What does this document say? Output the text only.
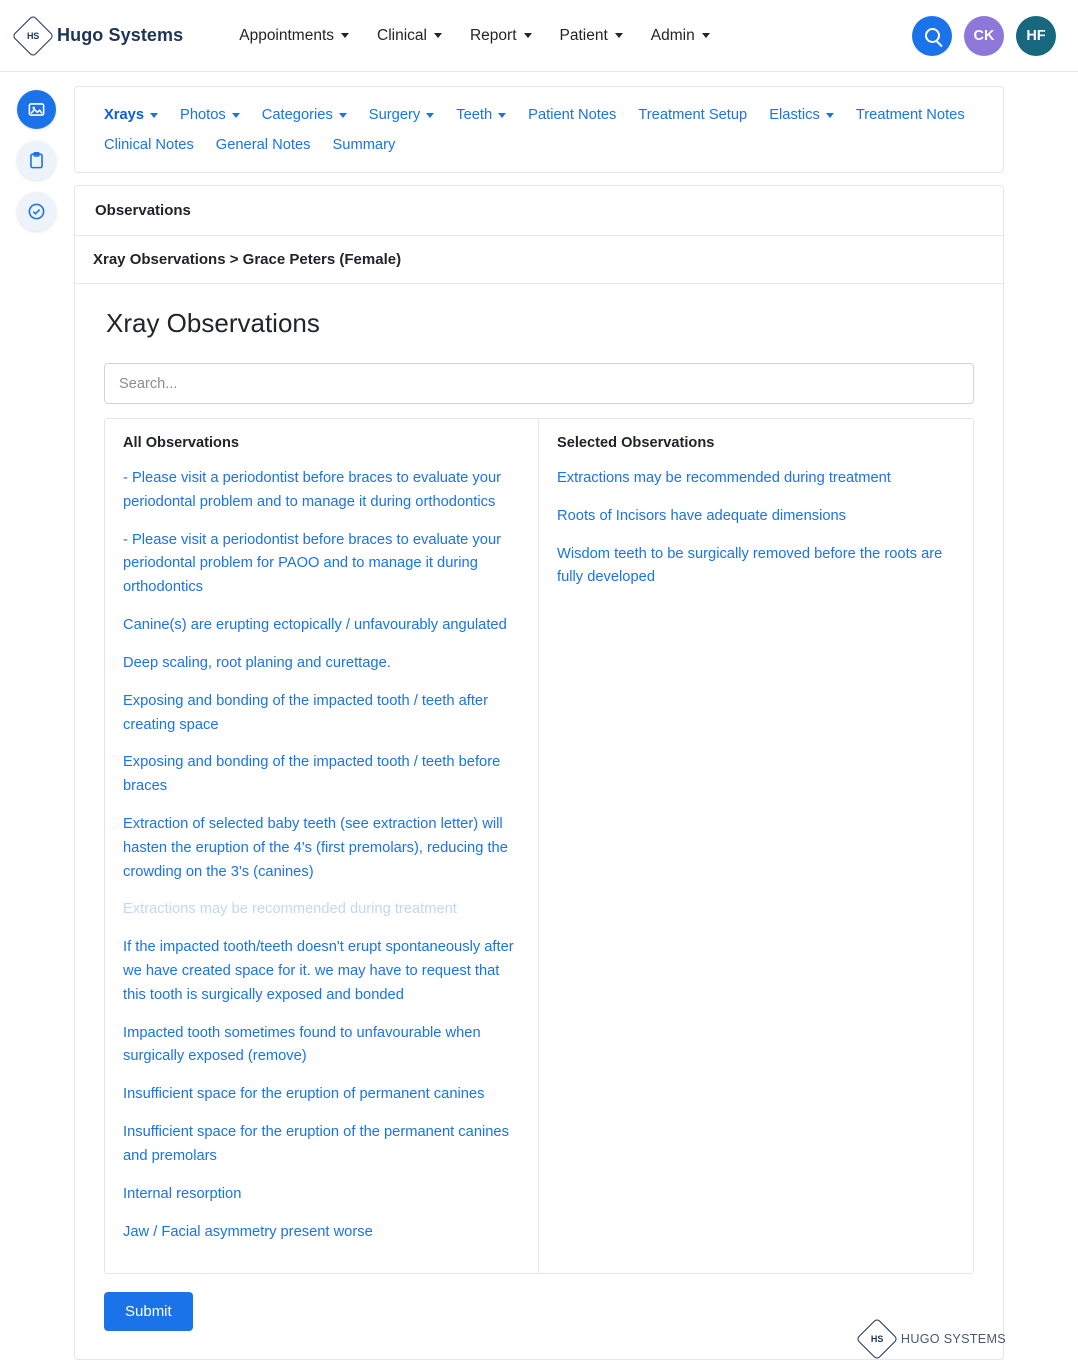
HS Hugo Systems	Appointments	Clinical	Report	Patient	Admin	CK HF
Xrays Photos Categories Surgery Teeth Patient Notes Treatment Setup Elastics Treatment Notes
Clinical Notes General Notes Summary
Observations
Xray Observations > Grace Peters (Female)
Xray Observations
Search...
All Observations
- Please visit a periodontist before braces to evaluate your periodontal problem and to manage it during orthodontics
- Please visit a periodontist before braces to evaluate your periodontal problem for PAOO and to manage it during orthodontics
Canine(s) are erupting ectopically / unfavourably angulated
Deep scaling, root planing and curettage.
Exposing and bonding of the impacted tooth / teeth after creating space
Exposing and bonding of the impacted tooth / teeth before braces
Extraction of selected baby teeth (see extraction letter) will hasten the eruption of the 4's (first premolars), reducing the crowding on the 3's (canines)
Extractions may be recommended during treatment
If the impacted tooth/teeth doesn't erupt spontaneously after we have created space for it. we may have to request that this tooth is surgically exposed and bonded
Impacted tooth sometimes found to unfavourable when surgically exposed (remove)
Insufficient space for the eruption of permanent canines
Insufficient space for the eruption of the permanent canines and premolars
Internal resorption
Jaw / Facial asymmetry present worse
Selected Observations
Extractions may be recommended during treatment
Roots of Incisors have adequate dimensions
Wisdom teeth to be surgically removed before the roots are fully developed
Submit
HS HUGO SYSTEMS
